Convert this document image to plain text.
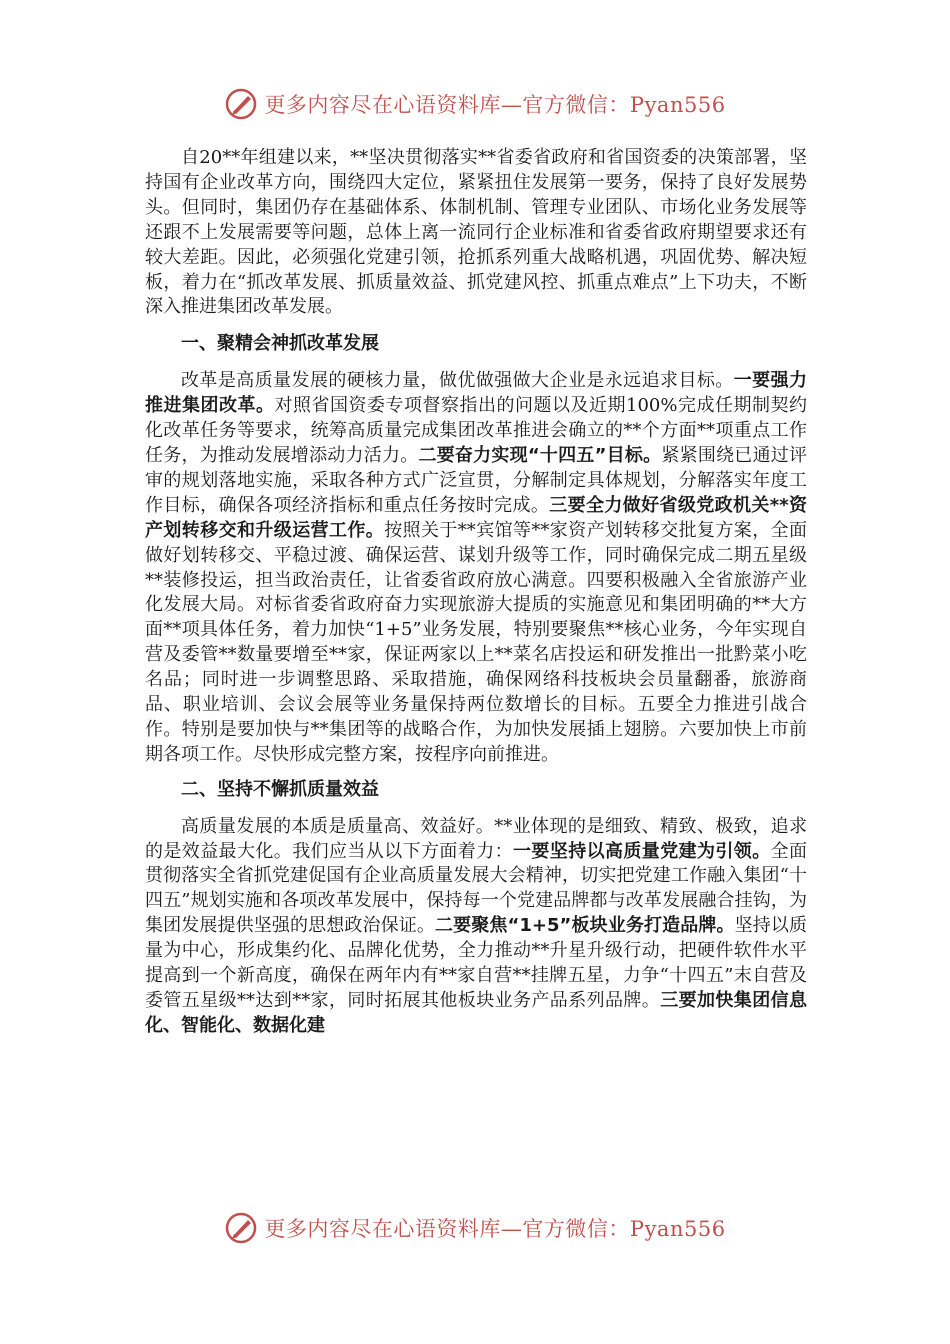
更多内容尽在心语资料库—官方微信：Pyan556

自20**年组建以来，**坚决贯彻落实**省委省政府和省国资委的决策部署，坚持国有企业改革方向，围绕四大定位，紧紧扭住发展第一要务，保持了良好发展势头。但同时，集团仍存在基础体系、体制机制、管理专业团队、市场化业务发展等还跟不上发展需要等问题，总体上离一流同行企业标准和省委省政府期望要求还有较大差距。因此，必须强化党建引领，抢抓系列重大战略机遇，巩固优势、解决短板，着力在“抓改革发展、抓质量效益、抓党建风控、抓重点难点”上下功夫，不断深入推进集团改革发展。

一、聚精会神抓改革发展

改革是高质量发展的硬核力量，做优做强做大企业是永远追求目标。一要强力推进集团改革。对照省国资委专项督察指出的问题以及近期100%完成任期制契约化改革任务等要求，统筹高质量完成集团改革推进会确立的**个方面**项重点工作任务，为推动发展增添动力活力。二要奋力实现“十四五”目标。紧紧围绕已通过评审的规划落地实施，采取各种方式广泛宣贯，分解制定具体规划，分解落实年度工作目标，确保各项经济指标和重点任务按时完成。三要全力做好省级党政机关**资产划转移交和升级运营工作。按照关于**宾馆等**家资产划转移交批复方案，全面做好划转移交、平稳过渡、确保运营、谋划升级等工作，同时确保完成二期五星级**装修投运，担当政治责任，让省委省政府放心满意。四要积极融入全省旅游产业化发展大局。对标省委省政府奋力实现旅游大提质的实施意见和集团明确的**大方面**项具体任务，着力加快“1+5”业务发展，特别要聚焦**核心业务，今年实现自营及委管**数量要增至**家，保证两家以上**菜名店投运和研发推出一批黔菜小吃名品；同时进一步调整思路、采取措施，确保网络科技板块会员量翻番，旅游商品、职业培训、会议会展等业务量保持两位数增长的目标。五要全力推进引战合作。特别是要加快与**集团等的战略合作，为加快发展插上翅膀。六要加快上市前期各项工作。尽快形成完整方案，按程序向前推进。

二、坚持不懈抓质量效益

高质量发展的本质是质量高、效益好。**业体现的是细致、精致、极致，追求的是效益最大化。我们应当从以下方面着力：一要坚持以高质量党建为引领。全面贯彻落实全省抓党建促国有企业高质量发展大会精神，切实把党建工作融入集团“十四五”规划实施和各项改革发展中，保持每一个党建品牌都与改革发展融合挂钩，为集团发展提供坚强的思想政治保证。二要聚焦“1+5”板块业务打造品牌。坚持以质量为中心，形成集约化、品牌化优势，全力推动**升星升级行动，把硬件软件水平提高到一个新高度，确保在两年内有**家自营**挂牌五星，力争“十四五”末自营及委管五星级**达到**家，同时拓展其他板块业务产品系列品牌。三要加快集团信息化、智能化、数据化建

更多内容尽在心语资料库—官方微信：Pyan556
